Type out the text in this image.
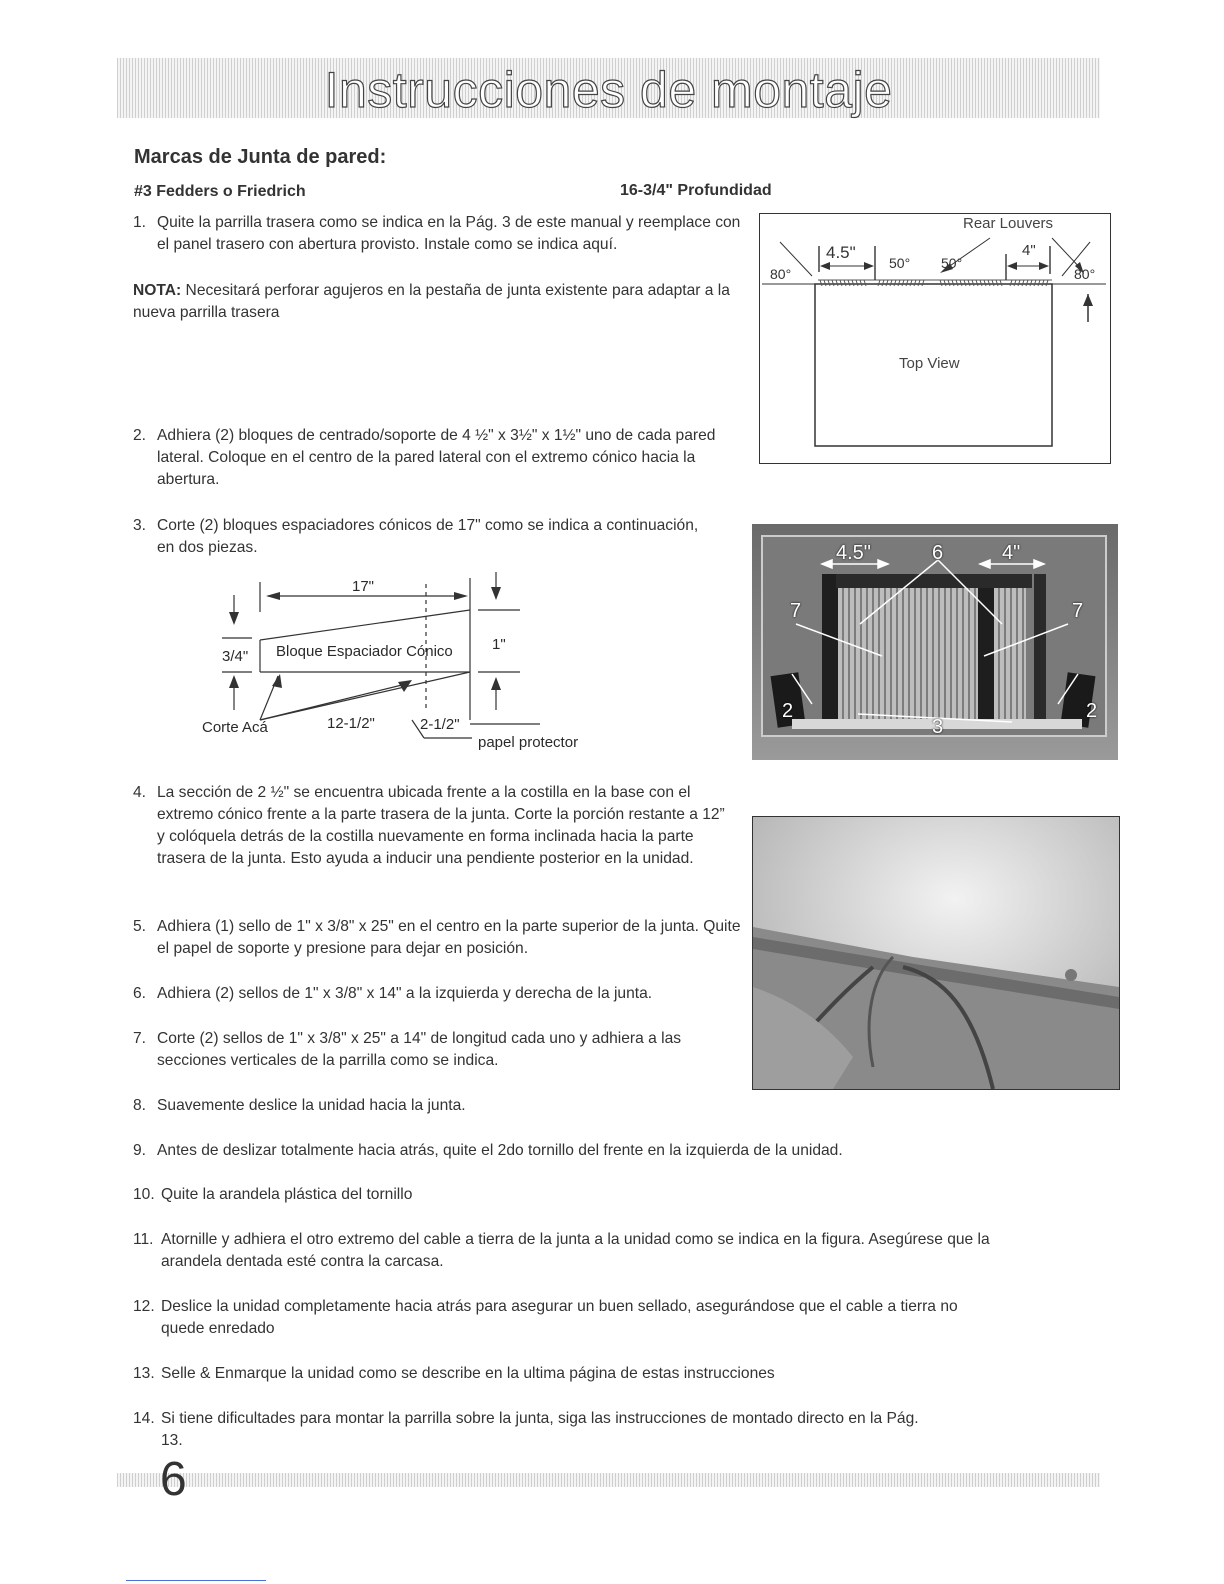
Instrucciones de montaje
Marcas de Junta de pared:
#3 Fedders o Friedrich	16-3/4" Profundidad
1. Quite la parrilla trasera como se indica en la Pág. 3 de este manual y reemplace con el panel trasero con abertura provisto. Instale como se indica aquí.
NOTA: Necesitará perforar agujeros en la pestaña de junta existente para adaptar a la nueva parrilla trasera
Rear Louvers
4.5"	4"
80°
50° 50°
80°
Top View
2. Adhiera (2) bloques de centrado/soporte de 4 ½" x 3½" x 1½" uno de cada pared lateral. Coloque en el centro de la pared lateral con el extremo cónico hacia la abertura.
3. Corte (2) bloques espaciadores cónicos de 17" como se indica a continuación, en dos piezas.
17"
3/4"
1"
Bloque Espaciador Cónico
Corte Acá	12-1/2"	2-1/2"
papel protector
4.5"	4"
6
7	7
2	2
3
4. La sección de 2 ½" se encuentra ubicada frente a la costilla en la base con el extremo cónico frente a la parte trasera de la junta. Corte la porción restante a 12” y colóquela detrás de la costilla nuevamente en forma inclinada hacia la parte trasera de la junta. Esto ayuda a inducir una pendiente posterior en la unidad.
5. Adhiera (1) sello de 1" x 3/8" x 25" en el centro en la parte superior de la junta. Quite el papel de soporte y presione para dejar en posición.
6. Adhiera (2) sellos de 1" x 3/8" x 14" a la izquierda y derecha de la junta.
7. Corte (2) sellos de 1" x 3/8" x 25" a 14" de longitud cada uno y adhiera a las secciones verticales de la parrilla como se indica.
8. Suavemente deslice la unidad hacia la junta.
9. Antes de deslizar totalmente hacia atrás, quite el 2do tornillo del frente en la izquierda de la unidad.
10. Quite la arandela plástica del tornillo
11. Atornille y adhiera el otro extremo del cable a tierra de la junta a la unidad como se indica en la figura. Asegúrese que la arandela dentada esté contra la carcasa.
12. Deslice la unidad completamente hacia atrás para asegurar un buen sellado, asegurándose que el cable a tierra no quede enredado
13. Selle & Enmarque la unidad como se describe en la ultima página de estas instrucciones
14. Si tiene dificultades para montar la parrilla sobre la junta, siga las instrucciones de montado directo en la Pág. 13.
6
